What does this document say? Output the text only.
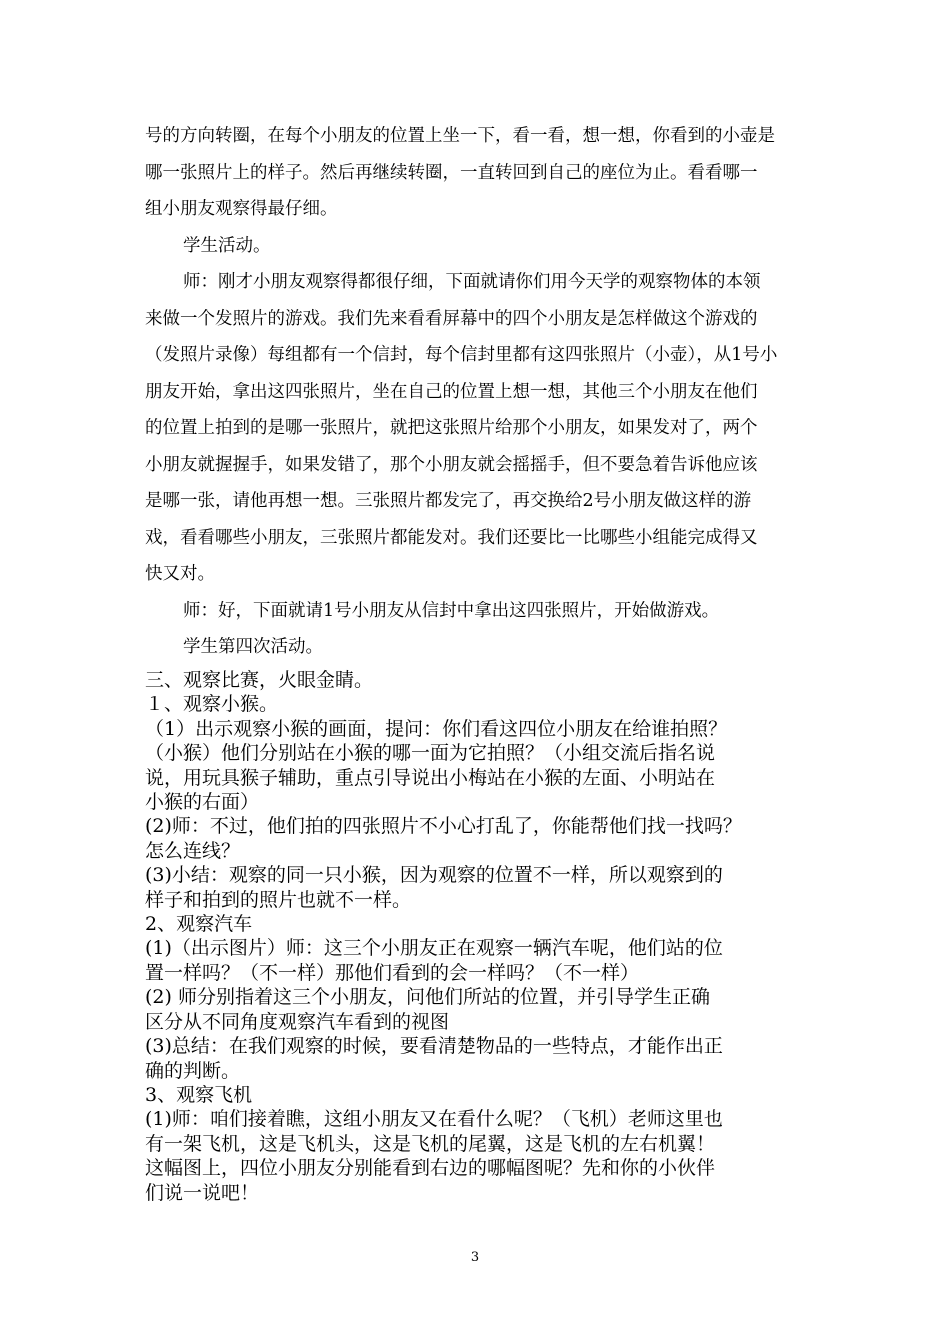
号的方向转圈，在每个小朋友的位置上坐一下，看一看，想一想，你看到的小壶是
哪一张照片上的样子。然后再继续转圈，一直转回到自己的座位为止。看看哪一
组小朋友观察得最仔细。
学生活动。
师：刚才小朋友观察得都很仔细，下面就请你们用今天学的观察物体的本领
来做一个发照片的游戏。我们先来看看屏幕中的四个小朋友是怎样做这个游戏的
（发照片录像）每组都有一个信封，每个信封里都有这四张照片（小壶），从1号小
朋友开始，拿出这四张照片，坐在自己的位置上想一想，其他三个小朋友在他们
的位置上拍到的是哪一张照片，就把这张照片给那个小朋友，如果发对了，两个
小朋友就握握手，如果发错了，那个小朋友就会摇摇手，但不要急着告诉他应该
是哪一张，请他再想一想。三张照片都发完了，再交换给2号小朋友做这样的游
戏，看看哪些小朋友，三张照片都能发对。我们还要比一比哪些小组能完成得又
快又对。
师：好，下面就请1号小朋友从信封中拿出这四张照片，开始做游戏。
学生第四次活动。
三、观察比赛，火眼金睛。
１、观察小猴。
（1）出示观察小猴的画面，提问：你们看这四位小朋友在给谁拍照？
（小猴）他们分别站在小猴的哪一面为它拍照？（小组交流后指名说
说，用玩具猴子辅助，重点引导说出小梅站在小猴的左面、小明站在
小猴的右面）
(2)师：不过，他们拍的四张照片不小心打乱了，你能帮他们找一找吗？
怎么连线？
(3)小结：观察的同一只小猴，因为观察的位置不一样，所以观察到的
样子和拍到的照片也就不一样。
2、观察汽车
(1)（出示图片）师：这三个小朋友正在观察一辆汽车呢，他们站的位
置一样吗？（不一样）那他们看到的会一样吗？（不一样）
(2) 师分别指着这三个小朋友，问他们所站的位置，并引导学生正确
区分从不同角度观察汽车看到的视图
(3)总结：在我们观察的时候，要看清楚物品的一些特点，才能作出正
确的判断。
3、观察飞机
(1)师：咱们接着瞧，这组小朋友又在看什么呢？（飞机）老师这里也
有一架飞机，这是飞机头，这是飞机的尾翼，这是飞机的左右机翼！
这幅图上，四位小朋友分别能看到右边的哪幅图呢？先和你的小伙伴
们说一说吧！
3
